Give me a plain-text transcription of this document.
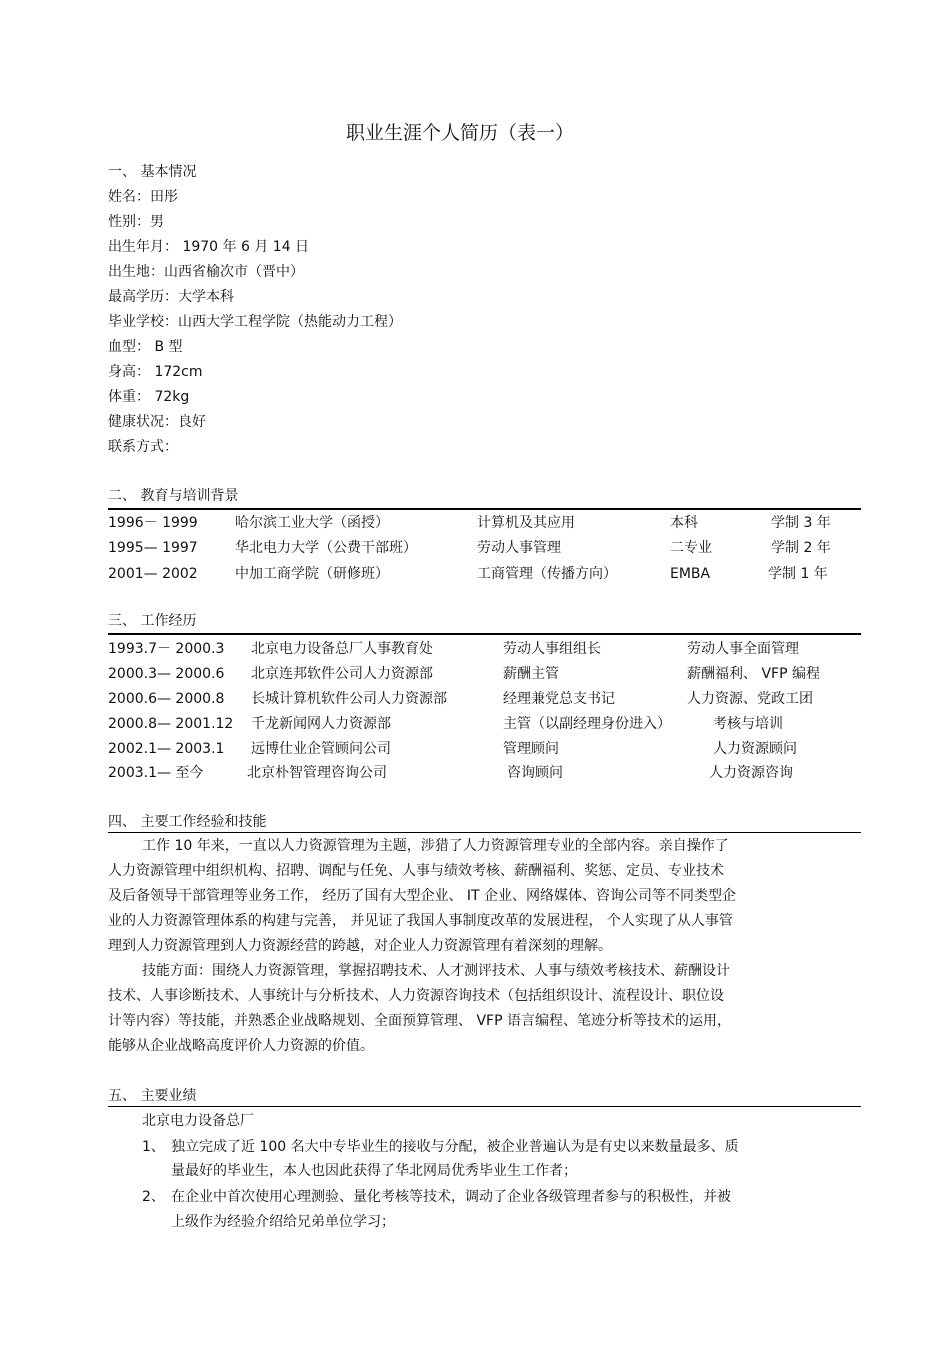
职业生涯个人简历（表一）
一、 基本情况
姓名：田彤
性别：男
出生年月： 1970 年 6 月 14 日
出生地：山西省榆次市（晋中）
最高学历：大学本科
毕业学校：山西大学工程学院（热能动力工程）
血型： B 型
身高： 172cm
体重： 72kg
健康状况：良好
联系方式：
二、 教育与培训背景
1996－ 1999	哈尔滨工业大学（函授）	计算机及其应用	本科	学制 3 年
1995— 1997	华北电力大学（公费干部班）	劳动人事管理	二专业	学制 2 年
2001— 2002	中加工商学院（研修班）	工商管理（传播方向）	EMBA	学制 1 年
三、 工作经历
1993.7－ 2000.3 北京电力设备总厂人事教育处	劳动人事组组长	劳动人事全面管理
2000.3— 2000.6 北京连邦软件公司人力资源部	薪酬主管	薪酬福利、 VFP 编程
2000.6— 2000.8 长城计算机软件公司人力资源部	经理兼党总支书记	人力资源、党政工团
2000.8— 2001.12 千龙新闻网人力资源部	主管（以副经理身份进入）	考核与培训
2002.1— 2003.1 远博仕业企管顾问公司	管理顾问	人力资源顾问
2003.1— 至今	北京朴智管理咨询公司	咨询顾问	人力资源咨询
四、 主要工作经验和技能
工作 10 年来，一直以人力资源管理为主题，涉猎了人力资源管理专业的全部内容。亲自操作了
人力资源管理中组织机构、招聘、调配与任免、人事与绩效考核、薪酬福利、奖惩、定员、专业技术
及后备领导干部管理等业务工作， 经历了国有大型企业、 IT 企业、网络媒体、咨询公司等不同类型企
业的人力资源管理体系的构建与完善， 并见证了我国人事制度改革的发展进程， 个人实现了从人事管
理到人力资源管理到人力资源经营的跨越，对企业人力资源管理有着深刻的理解。
技能方面：围绕人力资源管理，掌握招聘技术、人才测评技术、人事与绩效考核技术、薪酬设计
技术、人事诊断技术、人事统计与分析技术、人力资源咨询技术（包括组织设计、流程设计、职位设
计等内容）等技能，并熟悉企业战略规划、全面预算管理、 VFP 语言编程、笔迹分析等技术的运用，
能够从企业战略高度评价人力资源的价值。
五、 主要业绩
北京电力设备总厂
1、 独立完成了近 100 名大中专毕业生的接收与分配，被企业普遍认为是有史以来数量最多、质
量最好的毕业生，本人也因此获得了华北网局优秀毕业生工作者；
2、 在企业中首次使用心理测验、量化考核等技术，调动了企业各级管理者参与的积极性，并被
上级作为经验介绍给兄弟单位学习；
